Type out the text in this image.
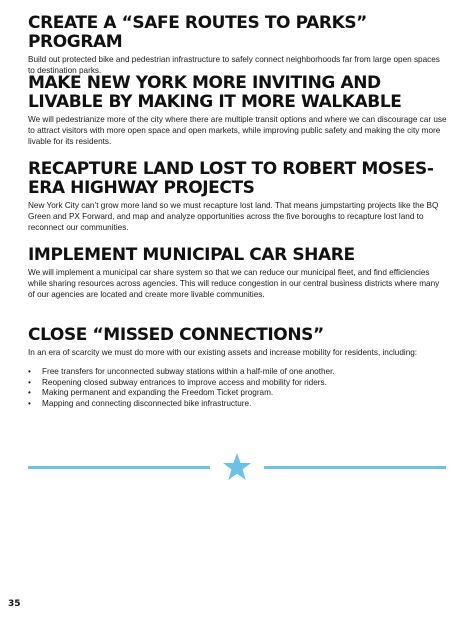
CREATE A “SAFE ROUTES TO PARKS” PROGRAM

Build out protected bike and pedestrian infrastructure to safely connect neighborhoods far from large open spaces to destination parks.

MAKE NEW YORK MORE INVITING AND LIVABLE BY MAKING IT MORE WALKABLE

We will pedestrianize more of the city where there are multiple transit options and where we can discourage car use to attract visitors with more open space and open markets, while improving public safety and making the city more livable for its residents.

RECAPTURE LAND LOST TO ROBERT MOSES-ERA HIGHWAY PROJECTS

New York City can’t grow more land so we must recapture lost land. That means jumpstarting projects like the BQ Green and PX Forward, and map and analyze opportunities across the five boroughs to recapture lost land to reconnect our communities.

IMPLEMENT MUNICIPAL CAR SHARE

We will implement a municipal car share system so that we can reduce our municipal fleet, and find efficiencies while sharing resources across agencies. This will reduce congestion in our central business districts where many of our agencies are located and create more livable communities.

CLOSE “MISSED CONNECTIONS”

In an era of scarcity we must do more with our existing assets and increase mobility for residents, including:

• Free transfers for unconnected subway stations within a half-mile of one another.
• Reopening closed subway entrances to improve access and mobility for riders.
• Making permanent and expanding the Freedom Ticket program.
• Mapping and connecting disconnected bike infrastructure.
35
